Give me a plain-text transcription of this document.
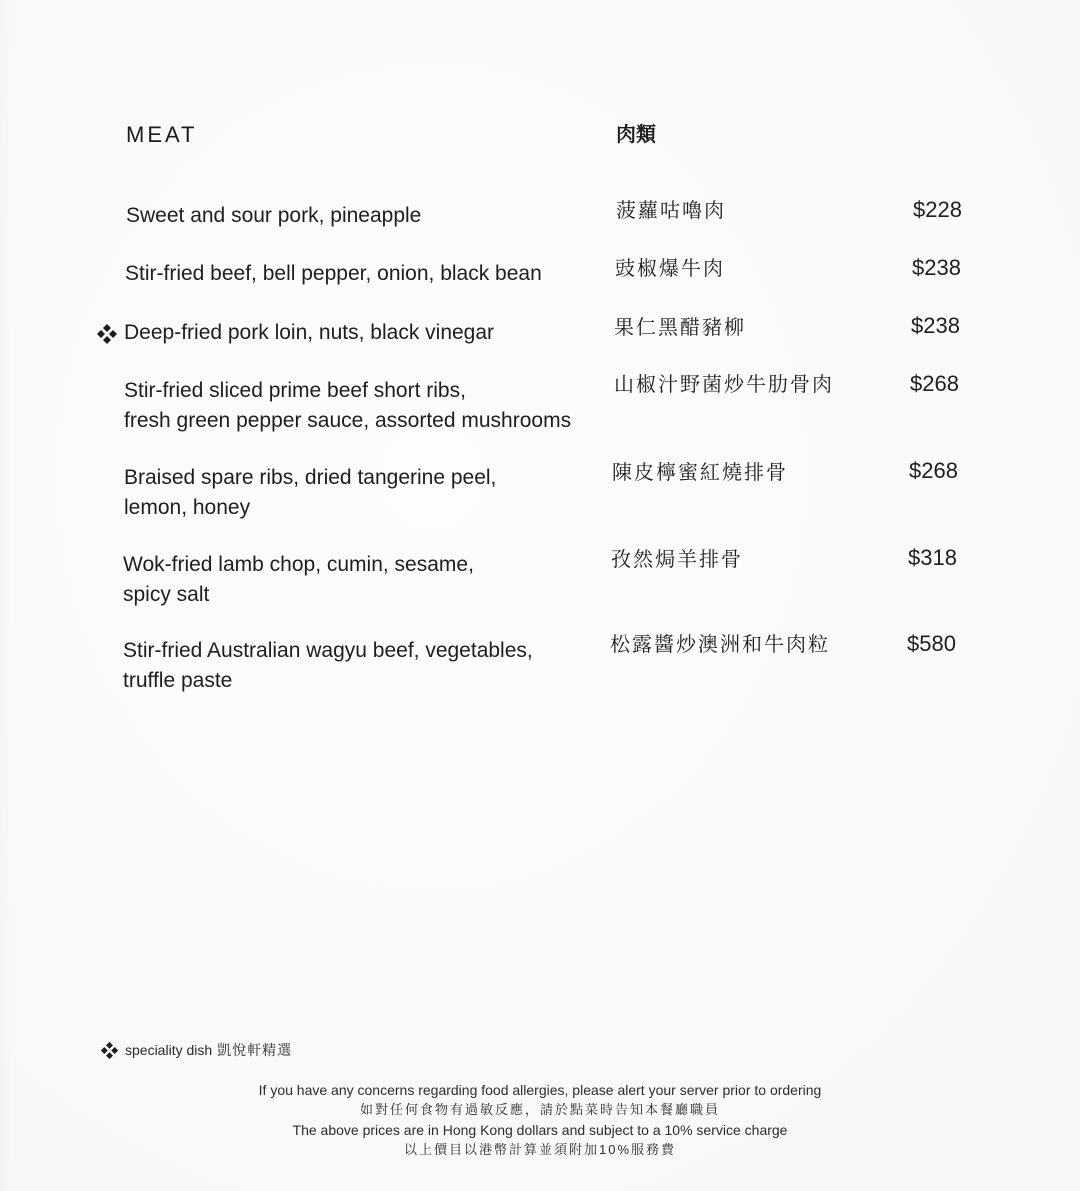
MEAT	肉類
Sweet and sour pork, pineapple	菠蘿咕嚕肉	$228
Stir-fried beef, bell pepper, onion, black bean	豉椒爆牛肉	$238
Deep-fried pork loin, nuts, black vinegar	果仁黑醋豬柳	$238
Stir-fried sliced prime beef short ribs,
fresh green pepper sauce, assorted mushrooms
山椒汁野菌炒牛肋骨肉	$268
Braised spare ribs, dried tangerine peel,
lemon, honey
陳皮檸蜜紅燒排骨	$268
Wok-fried lamb chop, cumin, sesame,
spicy salt
孜然焗羊排骨	$318
Stir-fried Australian wagyu beef, vegetables,
truffle paste
松露醬炒澳洲和牛肉粒	$580
speciality dish 凱悅軒精選
If you have any concerns regarding food allergies, please alert your server prior to ordering
如對任何食物有過敏反應，請於點菜時告知本餐廳職員
The above prices are in Hong Kong dollars and subject to a 10% service charge
以上價目以港幣計算並須附加10%服務費
